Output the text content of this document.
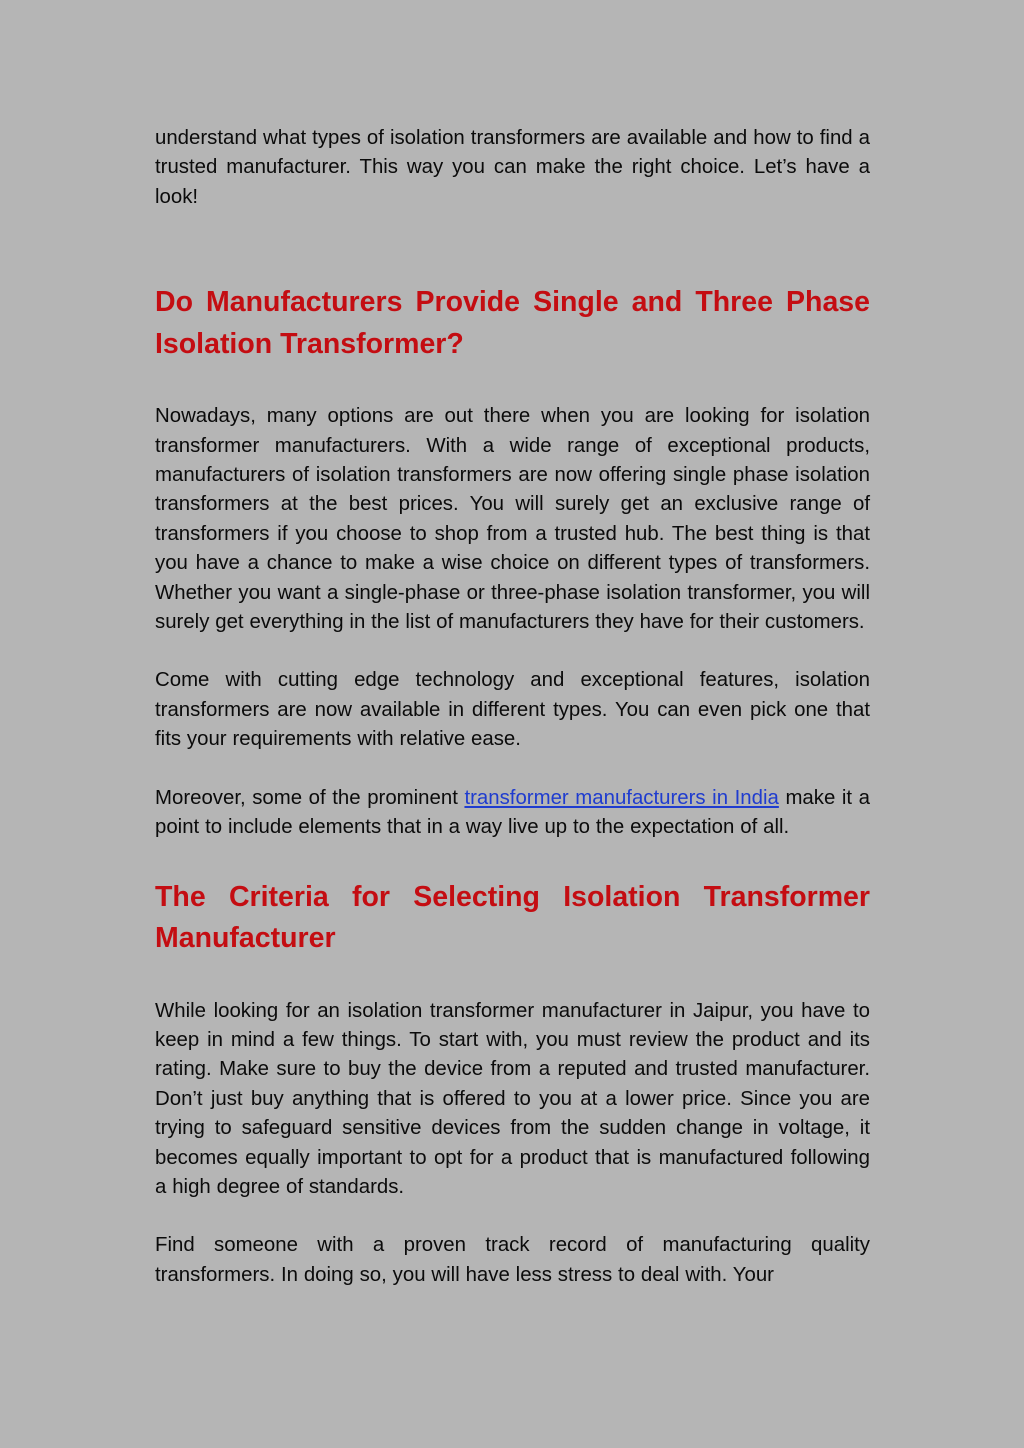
understand what types of isolation transformers are available and how to find a trusted manufacturer. This way you can make the right choice. Let’s have a look!

Do Manufacturers Provide Single and Three Phase Isolation Transformer?

Nowadays, many options are out there when you are looking for isolation transformer manufacturers. With a wide range of exceptional products, manufacturers of isolation transformers are now offering single phase isolation transformers at the best prices. You will surely get an exclusive range of transformers if you choose to shop from a trusted hub. The best thing is that you have a chance to make a wise choice on different types of transformers. Whether you want a single-phase or three-phase isolation transformer, you will surely get everything in the list of manufacturers they have for their customers.

Come with cutting edge technology and exceptional features, isolation transformers are now available in different types. You can even pick one that fits your requirements with relative ease.

Moreover, some of the prominent transformer manufacturers in India make it a point to include elements that in a way live up to the expectation of all.

The Criteria for Selecting Isolation Transformer Manufacturer

While looking for an isolation transformer manufacturer in Jaipur, you have to keep in mind a few things. To start with, you must review the product and its rating. Make sure to buy the device from a reputed and trusted manufacturer. Don’t just buy anything that is offered to you at a lower price. Since you are trying to safeguard sensitive devices from the sudden change in voltage, it becomes equally important to opt for a product that is manufactured following a high degree of standards.

Find someone with a proven track record of manufacturing quality transformers. In doing so, you will have less stress to deal with. Your
